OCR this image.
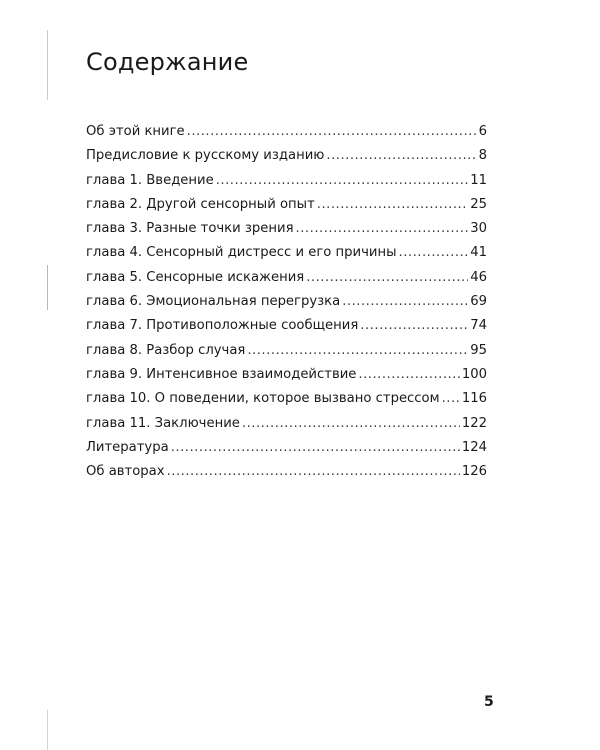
Содержание
Об этой книге .....	6
Предисловие к русскому изданию .....	8
глава 1. Введение .....	11
глава 2. Другой сенсорный опыт .....	25
глава 3. Разные точки зрения .....	30
глава 4. Сенсорный дистресс и его причины .....	41
глава 5. Сенсорные искажения .....	46
глава 6. Эмоциональная перегрузка .....	69
глава 7. Противоположные сообщения .....	74
глава 8. Разбор случая .....	95
глава 9. Интенсивное взаимодействие .....	100
глава 10. О поведении, которое вызвано стрессом ..... 116
глава 11. Заключение .....	122
Литература .....	124
Об авторах .....	126
5
